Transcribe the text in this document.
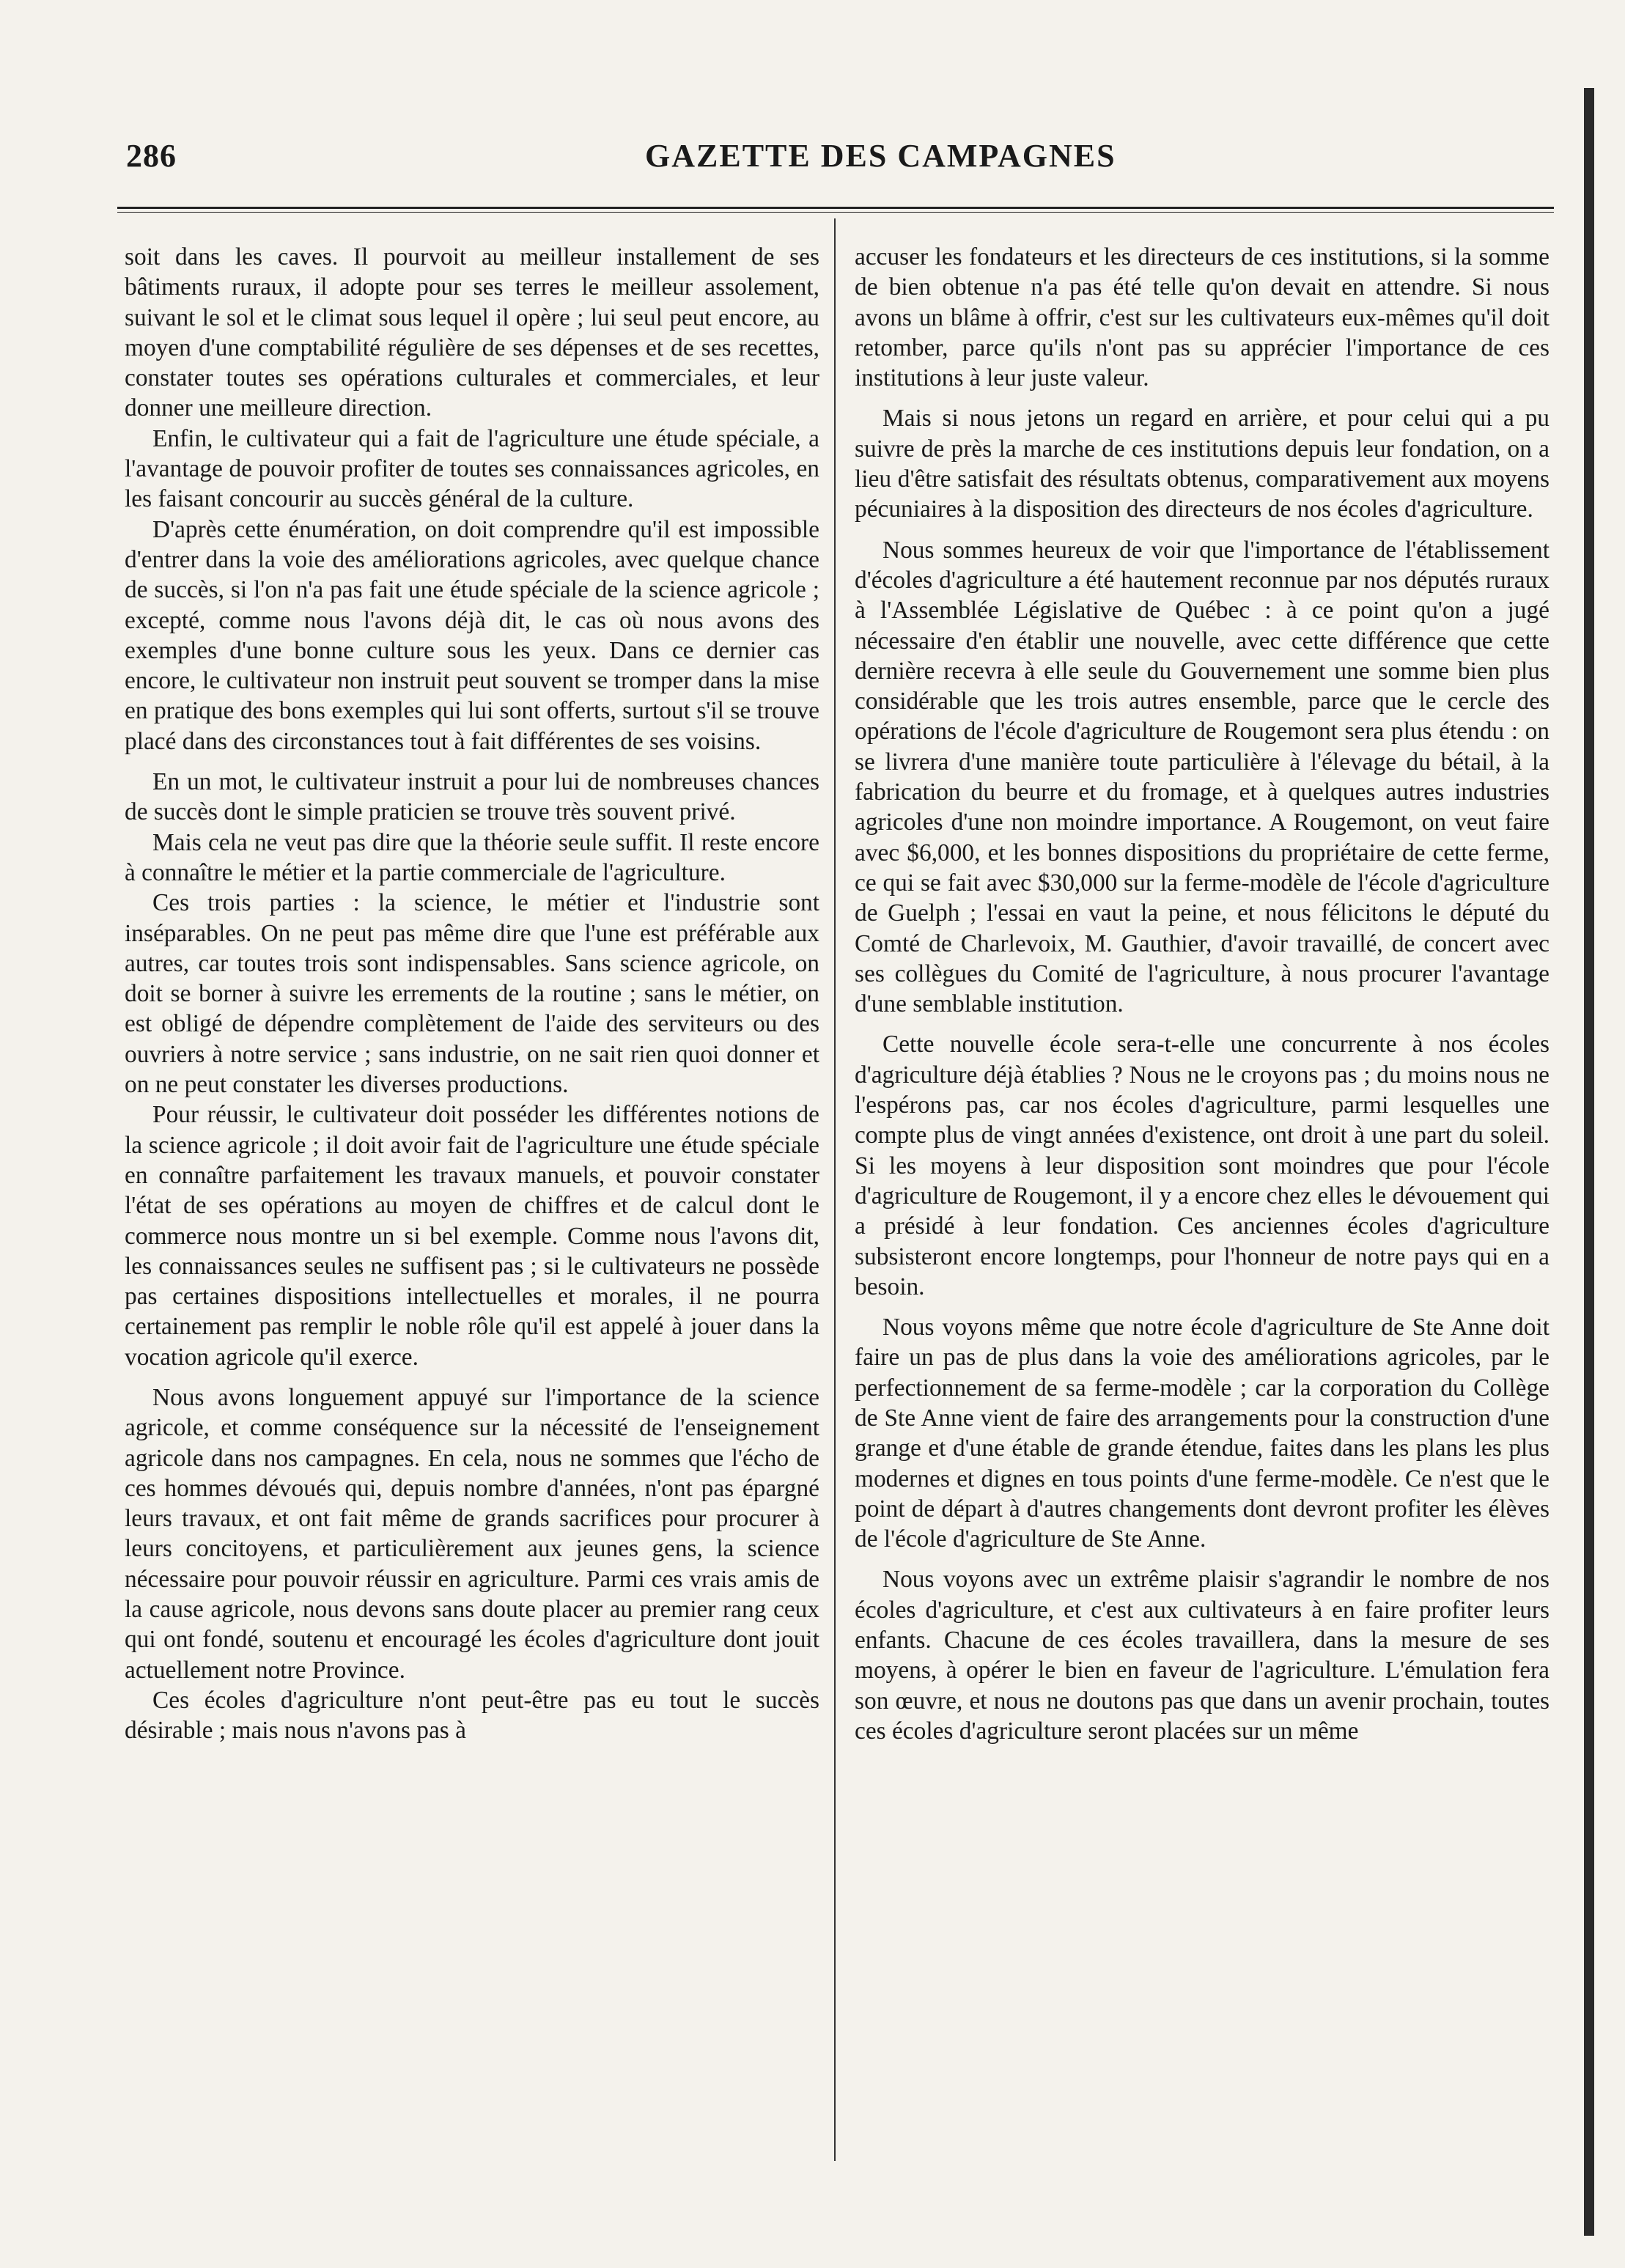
286	GAZETTE DES CAMPAGNES

soit dans les caves. Il pourvoit au meilleur installement de ses bâtiments ruraux, il adopte pour ses terres le meilleur assolement, suivant le sol et le climat sous lequel il opère ; lui seul peut encore, au moyen d'une comptabilité régulière de ses dépenses et de ses recettes, constater toutes ses opérations culturales et commerciales, et leur donner une meilleure direction.

Enfin, le cultivateur qui a fait de l'agriculture une étude spéciale, a l'avantage de pouvoir profiter de toutes ses connaissances agricoles, en les faisant concourir au succès général de la culture.

D'après cette énumération, on doit comprendre qu'il est impossible d'entrer dans la voie des améliorations agricoles, avec quelque chance de succès, si l'on n'a pas fait une étude spéciale de la science agricole ; excepté, comme nous l'avons déjà dit, le cas où nous avons des exemples d'une bonne culture sous les yeux. Dans ce dernier cas encore, le cultivateur non instruit peut souvent se tromper dans la mise en pratique des bons exemples qui lui sont offerts, surtout s'il se trouve placé dans des circonstances tout à fait différentes de ses voisins.

En un mot, le cultivateur instruit a pour lui de nombreuses chances de succès dont le simple praticien se trouve très souvent privé.

Mais cela ne veut pas dire que la théorie seule suffit. Il reste encore à connaître le métier et la partie commerciale de l'agriculture.

Ces trois parties : la science, le métier et l'industrie sont inséparables. On ne peut pas même dire que l'une est préférable aux autres, car toutes trois sont indispensables. Sans science agricole, on doit se borner à suivre les errements de la routine ; sans le métier, on est obligé de dépendre complètement de l'aide des serviteurs ou des ouvriers à notre service ; sans industrie, on ne sait rien quoi donner et on ne peut constater les diverses productions.

Pour réussir, le cultivateur doit posséder les différentes notions de la science agricole ; il doit avoir fait de l'agriculture une étude spéciale en connaître parfaitement les travaux manuels, et pouvoir constater l'état de ses opérations au moyen de chiffres et de calcul dont le commerce nous montre un si bel exemple. Comme nous l'avons dit, les connaissances seules ne suffisent pas ; si le cultivateurs ne possède pas certaines dispositions intellectuelles et morales, il ne pourra certainement pas remplir le noble rôle qu'il est appelé à jouer dans la vocation agricole qu'il exerce.

Nous avons longuement appuyé sur l'importance de la science agricole, et comme conséquence sur la nécessité de l'enseignement agricole dans nos campagnes. En cela, nous ne sommes que l'écho de ces hommes dévoués qui, depuis nombre d'années, n'ont pas épargné leurs travaux, et ont fait même de grands sacrifices pour procurer à leurs concitoyens, et particulièrement aux jeunes gens, la science nécessaire pour pouvoir réussir en agriculture. Parmi ces vrais amis de la cause agricole, nous devons sans doute placer au premier rang ceux qui ont fondé, soutenu et encouragé les écoles d'agriculture dont jouit actuellement notre Province.

Ces écoles d'agriculture n'ont peut-être pas eu tout le succès désirable ; mais nous n'avons pas à

accuser les fondateurs et les directeurs de ces institutions, si la somme de bien obtenue n'a pas été telle qu'on devait en attendre. Si nous avons un blâme à offrir, c'est sur les cultivateurs eux-mêmes qu'il doit retomber, parce qu'ils n'ont pas su apprécier l'importance de ces institutions à leur juste valeur.

Mais si nous jetons un regard en arrière, et pour celui qui a pu suivre de près la marche de ces institutions depuis leur fondation, on a lieu d'être satisfait des résultats obtenus, comparativement aux moyens pécuniaires à la disposition des directeurs de nos écoles d'agriculture.

Nous sommes heureux de voir que l'importance de l'établissement d'écoles d'agriculture a été hautement reconnue par nos députés ruraux à l'Assemblée Législative de Québec : à ce point qu'on a jugé nécessaire d'en établir une nouvelle, avec cette différence que cette dernière recevra à elle seule du Gouvernement une somme bien plus considérable que les trois autres ensemble, parce que le cercle des opérations de l'école d'agriculture de Rougemont sera plus étendu : on se livrera d'une manière toute particulière à l'élevage du bétail, à la fabrication du beurre et du fromage, et à quelques autres industries agricoles d'une non moindre importance. A Rougemont, on veut faire avec $6,000, et les bonnes dispositions du propriétaire de cette ferme, ce qui se fait avec $30,000 sur la ferme-modèle de l'école d'agriculture de Guelph ; l'essai en vaut la peine, et nous félicitons le député du Comté de Charlevoix, M. Gauthier, d'avoir travaillé, de concert avec ses collègues du Comité de l'agriculture, à nous procurer l'avantage d'une semblable institution.

Cette nouvelle école sera-t-elle une concurrente à nos écoles d'agriculture déjà établies ? Nous ne le croyons pas ; du moins nous ne l'espérons pas, car nos écoles d'agriculture, parmi lesquelles une compte plus de vingt années d'existence, ont droit à une part du soleil. Si les moyens à leur disposition sont moindres que pour l'école d'agriculture de Rougemont, il y a encore chez elles le dévouement qui a présidé à leur fondation. Ces anciennes écoles d'agriculture subsisteront encore longtemps, pour l'honneur de notre pays qui en a besoin.

Nous voyons même que notre école d'agriculture de Ste Anne doit faire un pas de plus dans la voie des améliorations agricoles, par le perfectionnement de sa ferme-modèle ; car la corporation du Collège de Ste Anne vient de faire des arrangements pour la construction d'une grange et d'une étable de grande étendue, faites dans les plans les plus modernes et dignes en tous points d'une ferme-modèle. Ce n'est que le point de départ à d'autres changements dont devront profiter les élèves de l'école d'agriculture de Ste Anne.

Nous voyons avec un extrême plaisir s'agrandir le nombre de nos écoles d'agriculture, et c'est aux cultivateurs à en faire profiter leurs enfants. Chacune de ces écoles travaillera, dans la mesure de ses moyens, à opérer le bien en faveur de l'agriculture. L'émulation fera son œuvre, et nous ne doutons pas que dans un avenir prochain, toutes ces écoles d'agriculture seront placées sur un même
